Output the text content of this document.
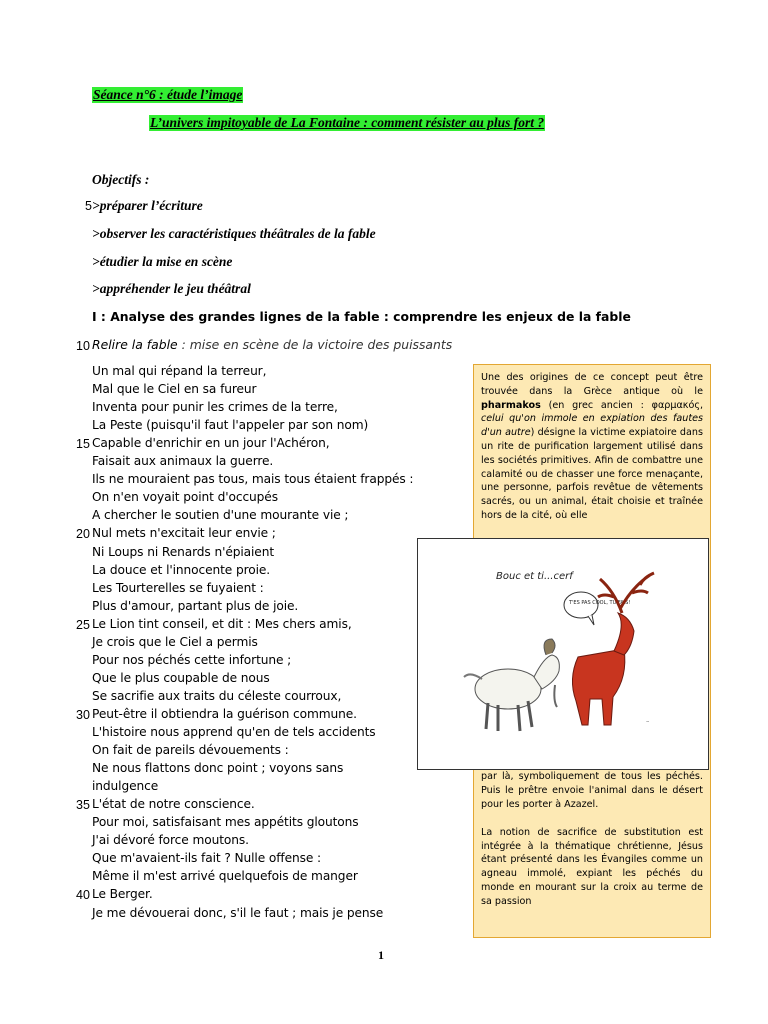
Séance n°6 : étude l’image
L’univers impitoyable de La Fontaine : comment résister au plus fort ?
Objectifs :
5 >préparer l’écriture
>observer les caractéristiques théâtrales de la fable
>étudier la mise en scène
>appréhender le jeu théâtral
I : Analyse des grandes lignes de la fable : comprendre les enjeux de la fable
10 Relire la fable : mise en scène de la victoire des puissants
Un mal qui répand la terreur,
Mal que le Ciel en sa fureur
Inventa pour punir les crimes de la terre,
La Peste (puisqu'il faut l'appeler par son nom)
15 Capable d'enrichir en un jour l'Achéron,
Faisait aux animaux la guerre.
Ils ne mouraient pas tous, mais tous étaient frappés :
On n'en voyait point d'occupés
A chercher le soutien d'une mourante vie ;
20 Nul mets n'excitait leur envie ;
Ni Loups ni Renards n'épiaient
La douce et l'innocente proie.
Les Tourterelles se fuyaient :
Plus d'amour, partant plus de joie.
25 Le Lion tint conseil, et dit : Mes chers amis,
Je crois que le Ciel a permis
Pour nos péchés cette infortune ;
Que le plus coupable de nous
Se sacrifie aux traits du céleste courroux,
30 Peut-être il obtiendra la guérison commune.
L'histoire nous apprend qu'en de tels accidents
On fait de pareils dévouements :
Ne nous flattons donc point ; voyons sans
indulgence
35 L'état de notre conscience.
Pour moi, satisfaisant mes appétits gloutons
J'ai dévoré force moutons.
Que m'avaient-ils fait ? Nulle offense :
Même il m'est arrivé quelquefois de manger
40 Le Berger.
Je me dévouerai donc, s'il le faut ; mais je pense

Une des origines de ce concept peut être trouvée dans la Grèce antique où le pharmakos (en grec ancien : φαρμακός, celui qu'on immole en expiation des fautes d'un autre) désigne la victime expiatoire dans un rite de purification largement utilisé dans les sociétés primitives. Afin de combattre une calamité ou de chasser une force menaçante, une personne, parfois revêtue de vêtements sacrés, ou un animal, était choisie et traînée hors de la cité, où elle

par là, symboliquement de tous les péchés. Puis le prêtre envoie l'animal dans le désert pour les porter à Azazel.

La notion de sacrifice de substitution est intégrée à la thématique chrétienne, Jésus étant présenté dans les Évangiles comme un agneau immolé, expiant les péchés du monde en mourant sur la croix au terme de sa passion

Bouc et ti...cerf
T'ES PAS COOL, TU FAIS!
~
1
